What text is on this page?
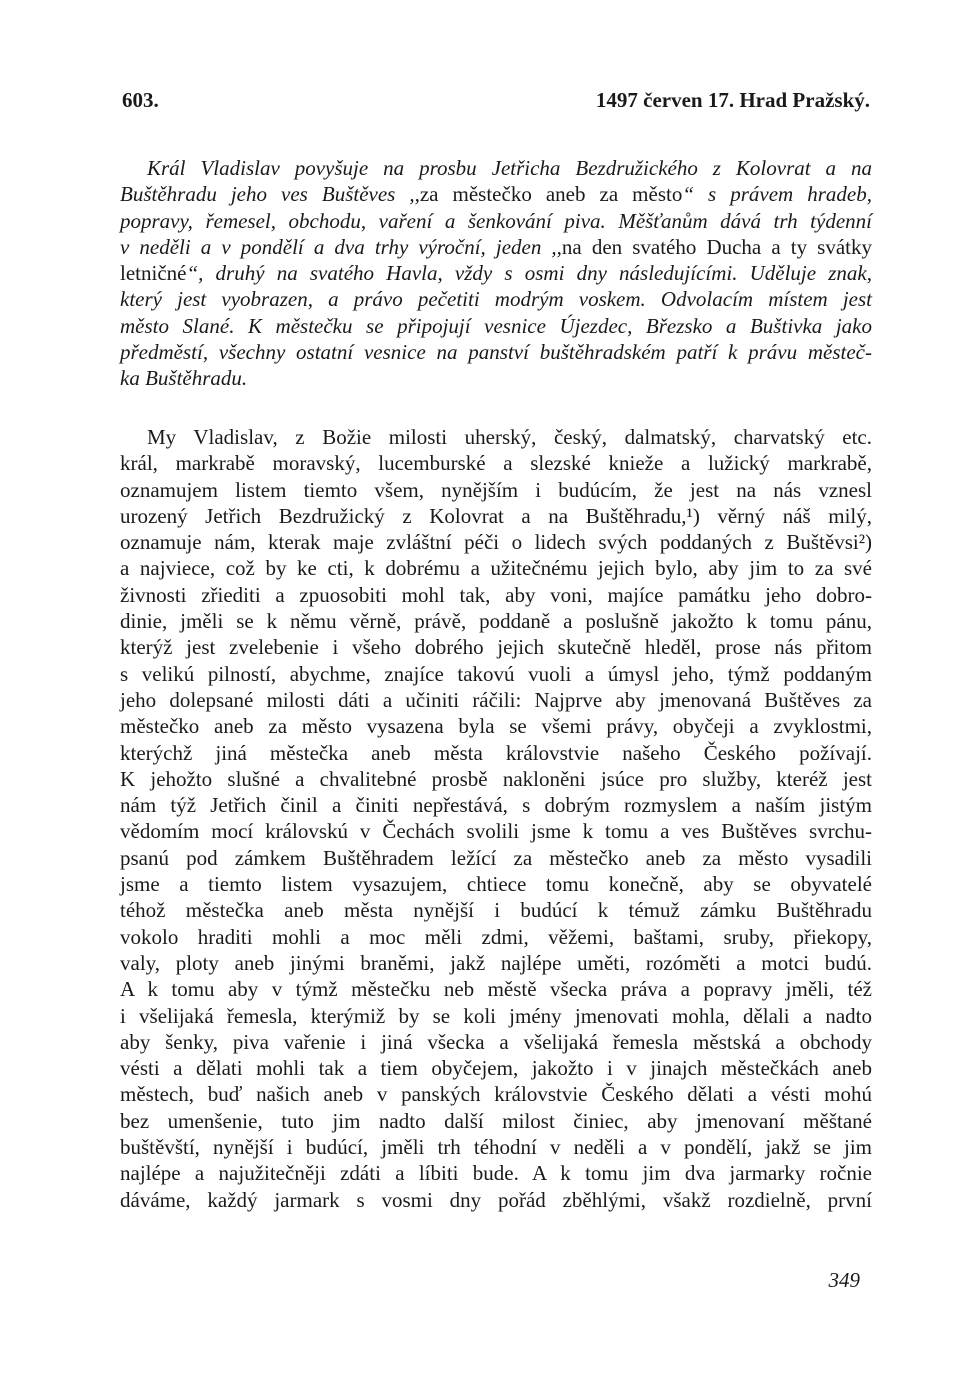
603.	1497 červen 17. Hrad Pražský.
Král Vladislav povyšuje na prosbu Jetřicha Bezdružického z Kolovrat a na
Buštěhradu jeho ves Buštěves ,,za městečko aneb za město“ s právem hradeb,
popravy, řemesel, obchodu, vaření a šenkování piva. Měšťanům dává trh týdenní
v neděli a v pondělí a dva trhy výroční, jeden ,,na den svatého Ducha a ty svátky
letničné“, druhý na svatého Havla, vždy s osmi dny následujícími. Uděluje znak,
který jest vyobrazen, a právo pečetiti modrým voskem. Odvolacím místem jest
město Slané. K městečku se připojují vesnice Újezdec, Březsko a Buštivka jako
předměstí, všechny ostatní vesnice na panství buštěhradském patří k právu městeč-
ka Buštěhradu.
My Vladislav, z Božie milosti uherský, český, dalmatský, charvatský etc.
král, markrabě moravský, lucemburské a slezské knieže a lužický markrabě,
oznamujem listem tiemto všem, nynějším i budúcím, že jest na nás vznesl
urozený Jetřich Bezdružický z Kolovrat a na Buštěhradu,¹) věrný náš milý,
oznamuje nám, kterak maje zvláštní péči o lidech svých poddaných z Buštěvsi²)
a najviece, což by ke cti, k dobrému a užitečnému jejich bylo, aby jim to za své
živnosti zřiediti a zpuosobiti mohl tak, aby voni, majíce památku jeho dobro-
dinie, jměli se k němu věrně, právě, poddaně a poslušně jakožto k tomu pánu,
kterýž jest zvelebenie i všeho dobrého jejich skutečně hleděl, prose nás přitom
s velikú pilností, abychme, znajíce takovú vuoli a úmysl jeho, týmž poddaným
jeho dolepsané milosti dáti a učiniti ráčili: Najprve aby jmenovaná Buštěves za
městečko aneb za město vysazena byla se všemi právy, obyčeji a zvyklostmi,
kterýchž jiná městečka aneb města královstvie našeho Českého požívají.
K jehožto slušné a chvalitebné prosbě nakloněni jsúce pro služby, kteréž jest
nám týž Jetřich činil a činiti nepřestává, s dobrým rozmyslem a naším jistým
vědomím mocí královskú v Čechách svolili jsme k tomu a ves Buštěves svrchu-
psanú pod zámkem Buštěhradem ležící za městečko aneb za město vysadili
jsme a tiemto listem vysazujem, chtiece tomu konečně, aby se obyvatelé
téhož městečka aneb města nynější i budúcí k témuž zámku Buštěhradu
vokolo hraditi mohli a moc měli zdmi, věžemi, baštami, sruby, přiekopy,
valy, ploty aneb jinými braněmi, jakž najlépe uměti, rozóměti a motci budú.
A k tomu aby v týmž městečku neb městě všecka práva a popravy jměli, též
i všelijaká řemesla, kterýmiž by se koli jmény jmenovati mohla, dělali a nadto
aby šenky, piva vařenie i jiná všecka a všelijaká řemesla městská a obchody
vésti a dělati mohli tak a tiem obyčejem, jakožto i v jinajch městečkách aneb
městech, buď našich aneb v panských královstvie Českého dělati a vésti mohú
bez umenšenie, tuto jim nadto další milost činiec, aby jmenovaní měštané
buštěvští, nynější i budúcí, jměli trh téhodní v neděli a v pondělí, jakž se jim
najlépe a najužitečněji zdáti a líbiti bude. A k tomu jim dva jarmarky ročnie
dáváme, každý jarmark s vosmi dny pořád zběhlými, všakž rozdielně, první
349
